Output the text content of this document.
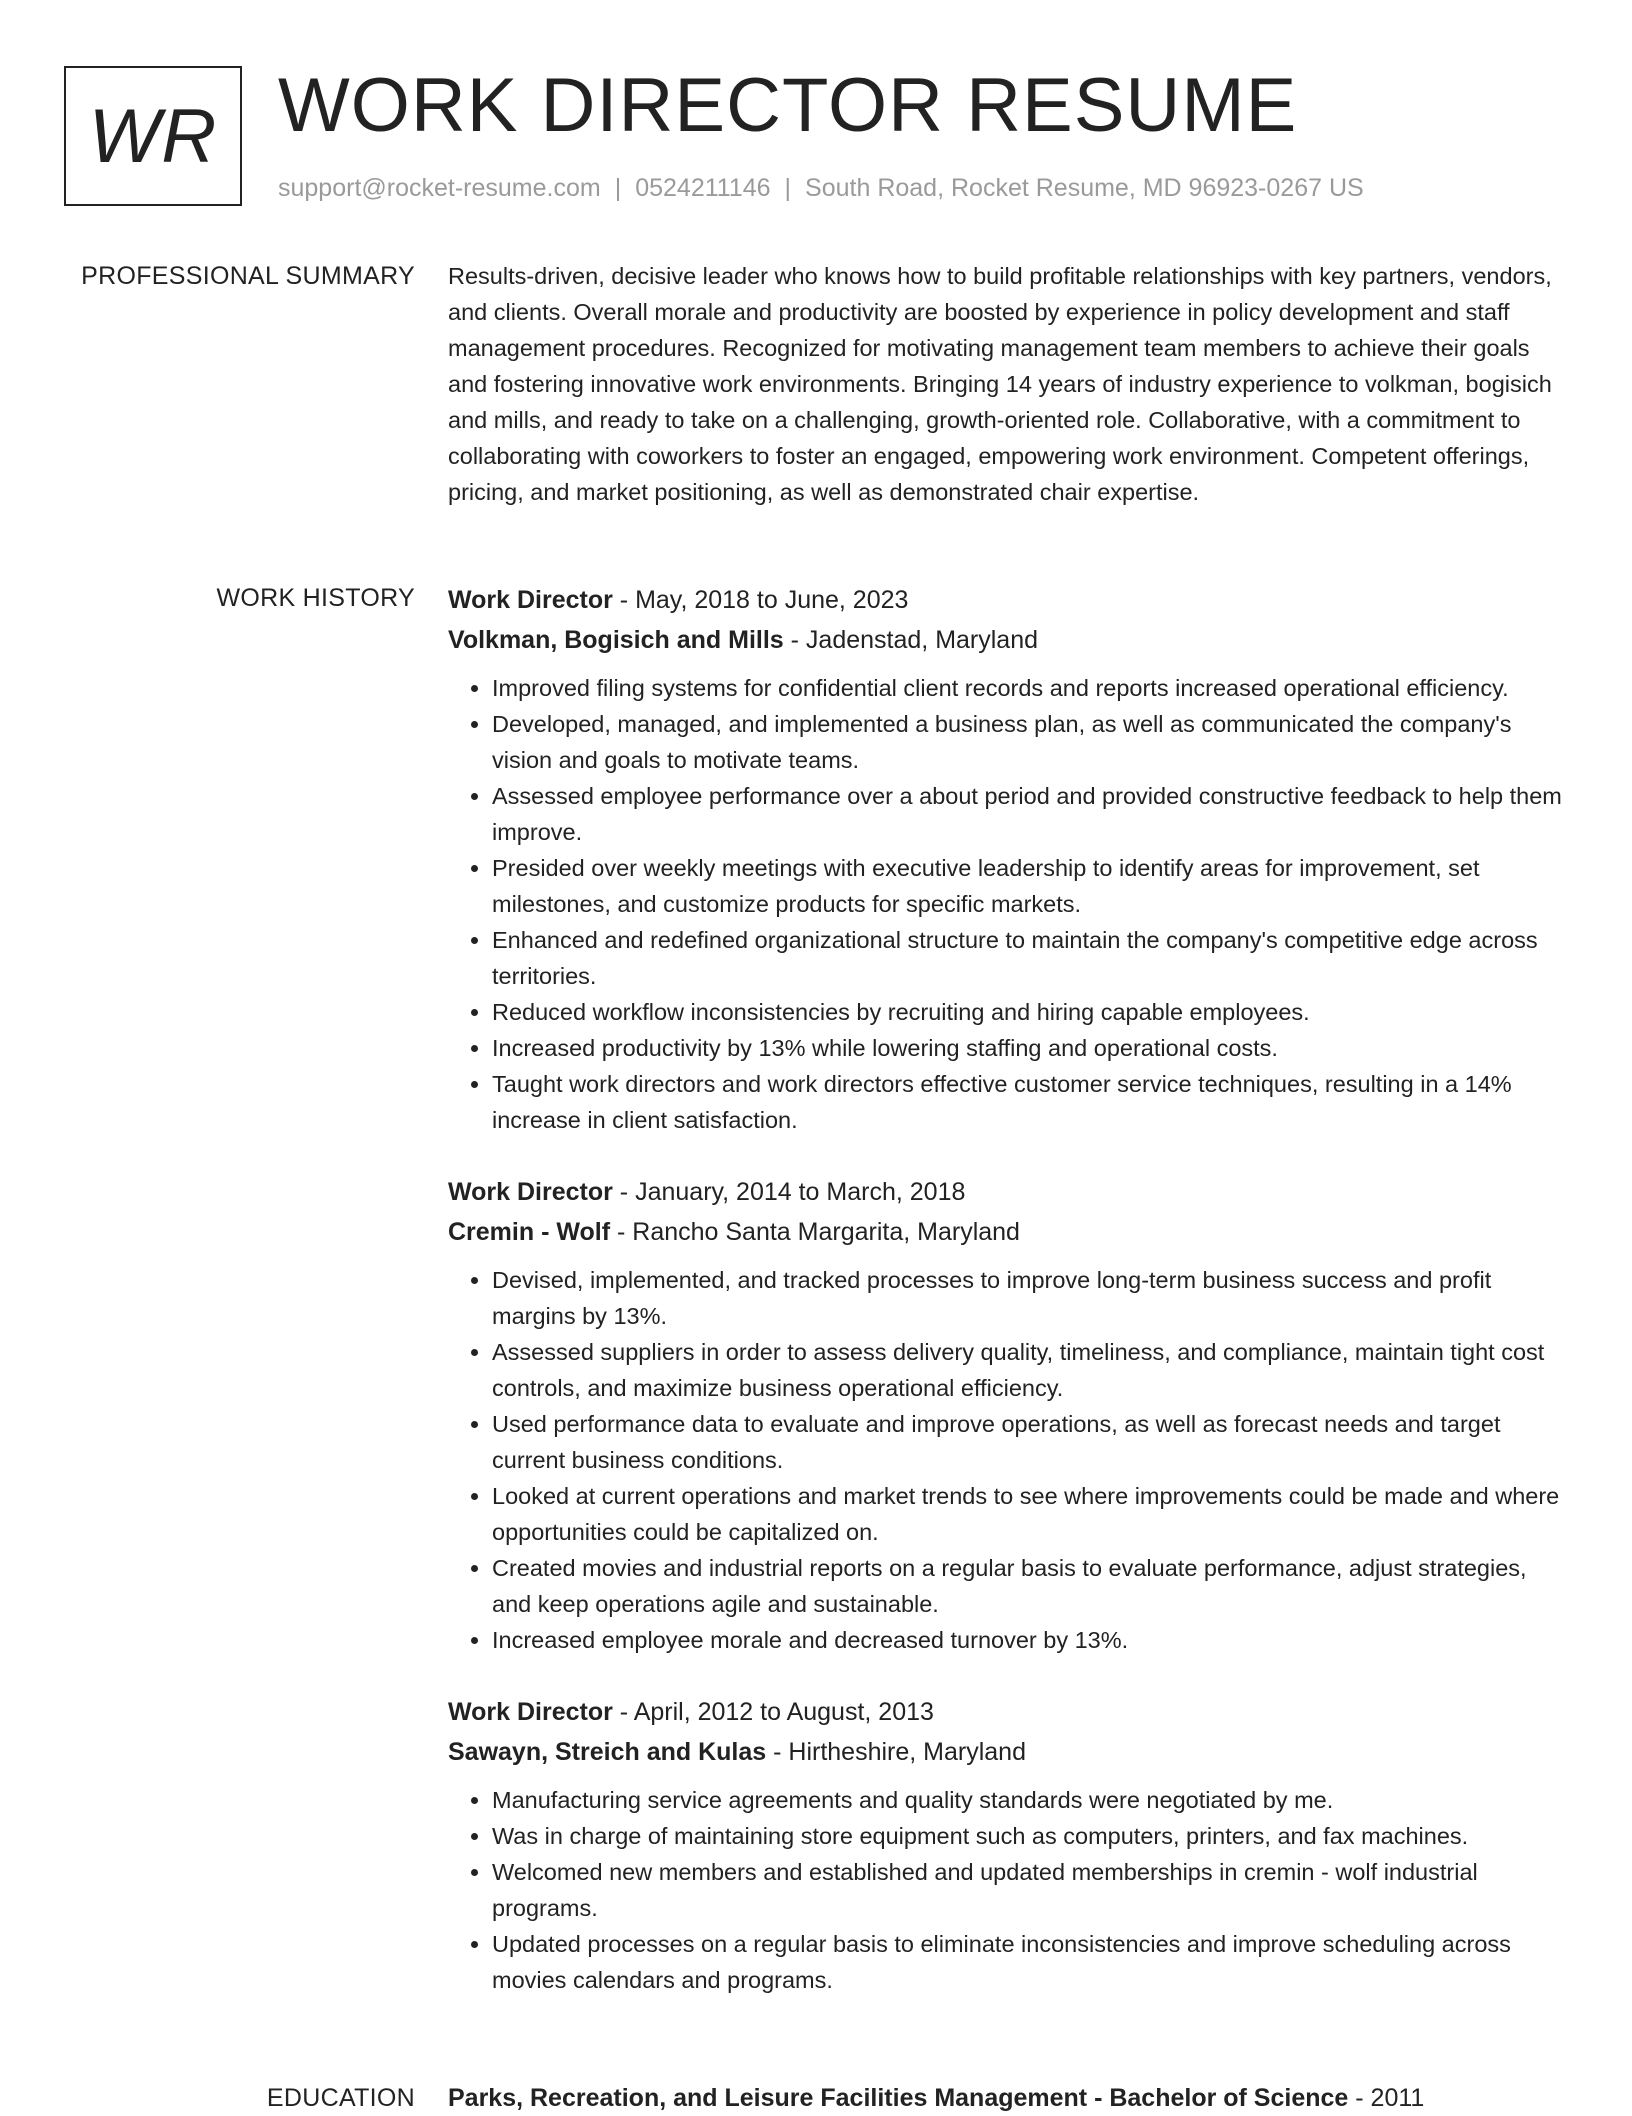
WR WORK DIRECTOR RESUME
support@rocket-resume.com | 0524211146 | South Road, Rocket Resume, MD 96923-0267 US
PROFESSIONAL SUMMARY Results-driven, decisive leader who knows how to build profitable relationships with key partners, vendors, and clients. Overall morale and productivity are boosted by experience in policy development and staff management procedures. Recognized for motivating management team members to achieve their goals and fostering innovative work environments. Bringing 14 years of industry experience to volkman, bogisich and mills, and ready to take on a challenging, growth-oriented role. Collaborative, with a commitment to collaborating with coworkers to foster an engaged, empowering work environment. Competent offerings, pricing, and market positioning, as well as demonstrated chair expertise.

WORK HISTORY Work Director - May, 2018 to June, 2023
Volkman, Bogisich and Mills - Jadenstad, Maryland
• Improved filing systems for confidential client records and reports increased operational efficiency.
• Developed, managed, and implemented a business plan, as well as communicated the company's vision and goals to motivate teams.
• Assessed employee performance over a about period and provided constructive feedback to help them improve.
• Presided over weekly meetings with executive leadership to identify areas for improvement, set milestones, and customize products for specific markets.
• Enhanced and redefined organizational structure to maintain the company's competitive edge across territories.
• Reduced workflow inconsistencies by recruiting and hiring capable employees.
• Increased productivity by 13% while lowering staffing and operational costs.
• Taught work directors and work directors effective customer service techniques, resulting in a 14% increase in client satisfaction.
Work Director - January, 2014 to March, 2018
Cremin - Wolf - Rancho Santa Margarita, Maryland
• Devised, implemented, and tracked processes to improve long-term business success and profit margins by 13%.
• Assessed suppliers in order to assess delivery quality, timeliness, and compliance, maintain tight cost controls, and maximize business operational efficiency.
• Used performance data to evaluate and improve operations, as well as forecast needs and target current business conditions.
• Looked at current operations and market trends to see where improvements could be made and where opportunities could be capitalized on.
• Created movies and industrial reports on a regular basis to evaluate performance, adjust strategies, and keep operations agile and sustainable.
• Increased employee morale and decreased turnover by 13%.
Work Director - April, 2012 to August, 2013
Sawayn, Streich and Kulas - Hirtheshire, Maryland
• Manufacturing service agreements and quality standards were negotiated by me.
• Was in charge of maintaining store equipment such as computers, printers, and fax machines.
• Welcomed new members and established and updated memberships in cremin - wolf industrial programs.
• Updated processes on a regular basis to eliminate inconsistencies and improve scheduling across movies calendars and programs.
EDUCATION Parks, Recreation, and Leisure Facilities Management - Bachelor of Science - 2011
